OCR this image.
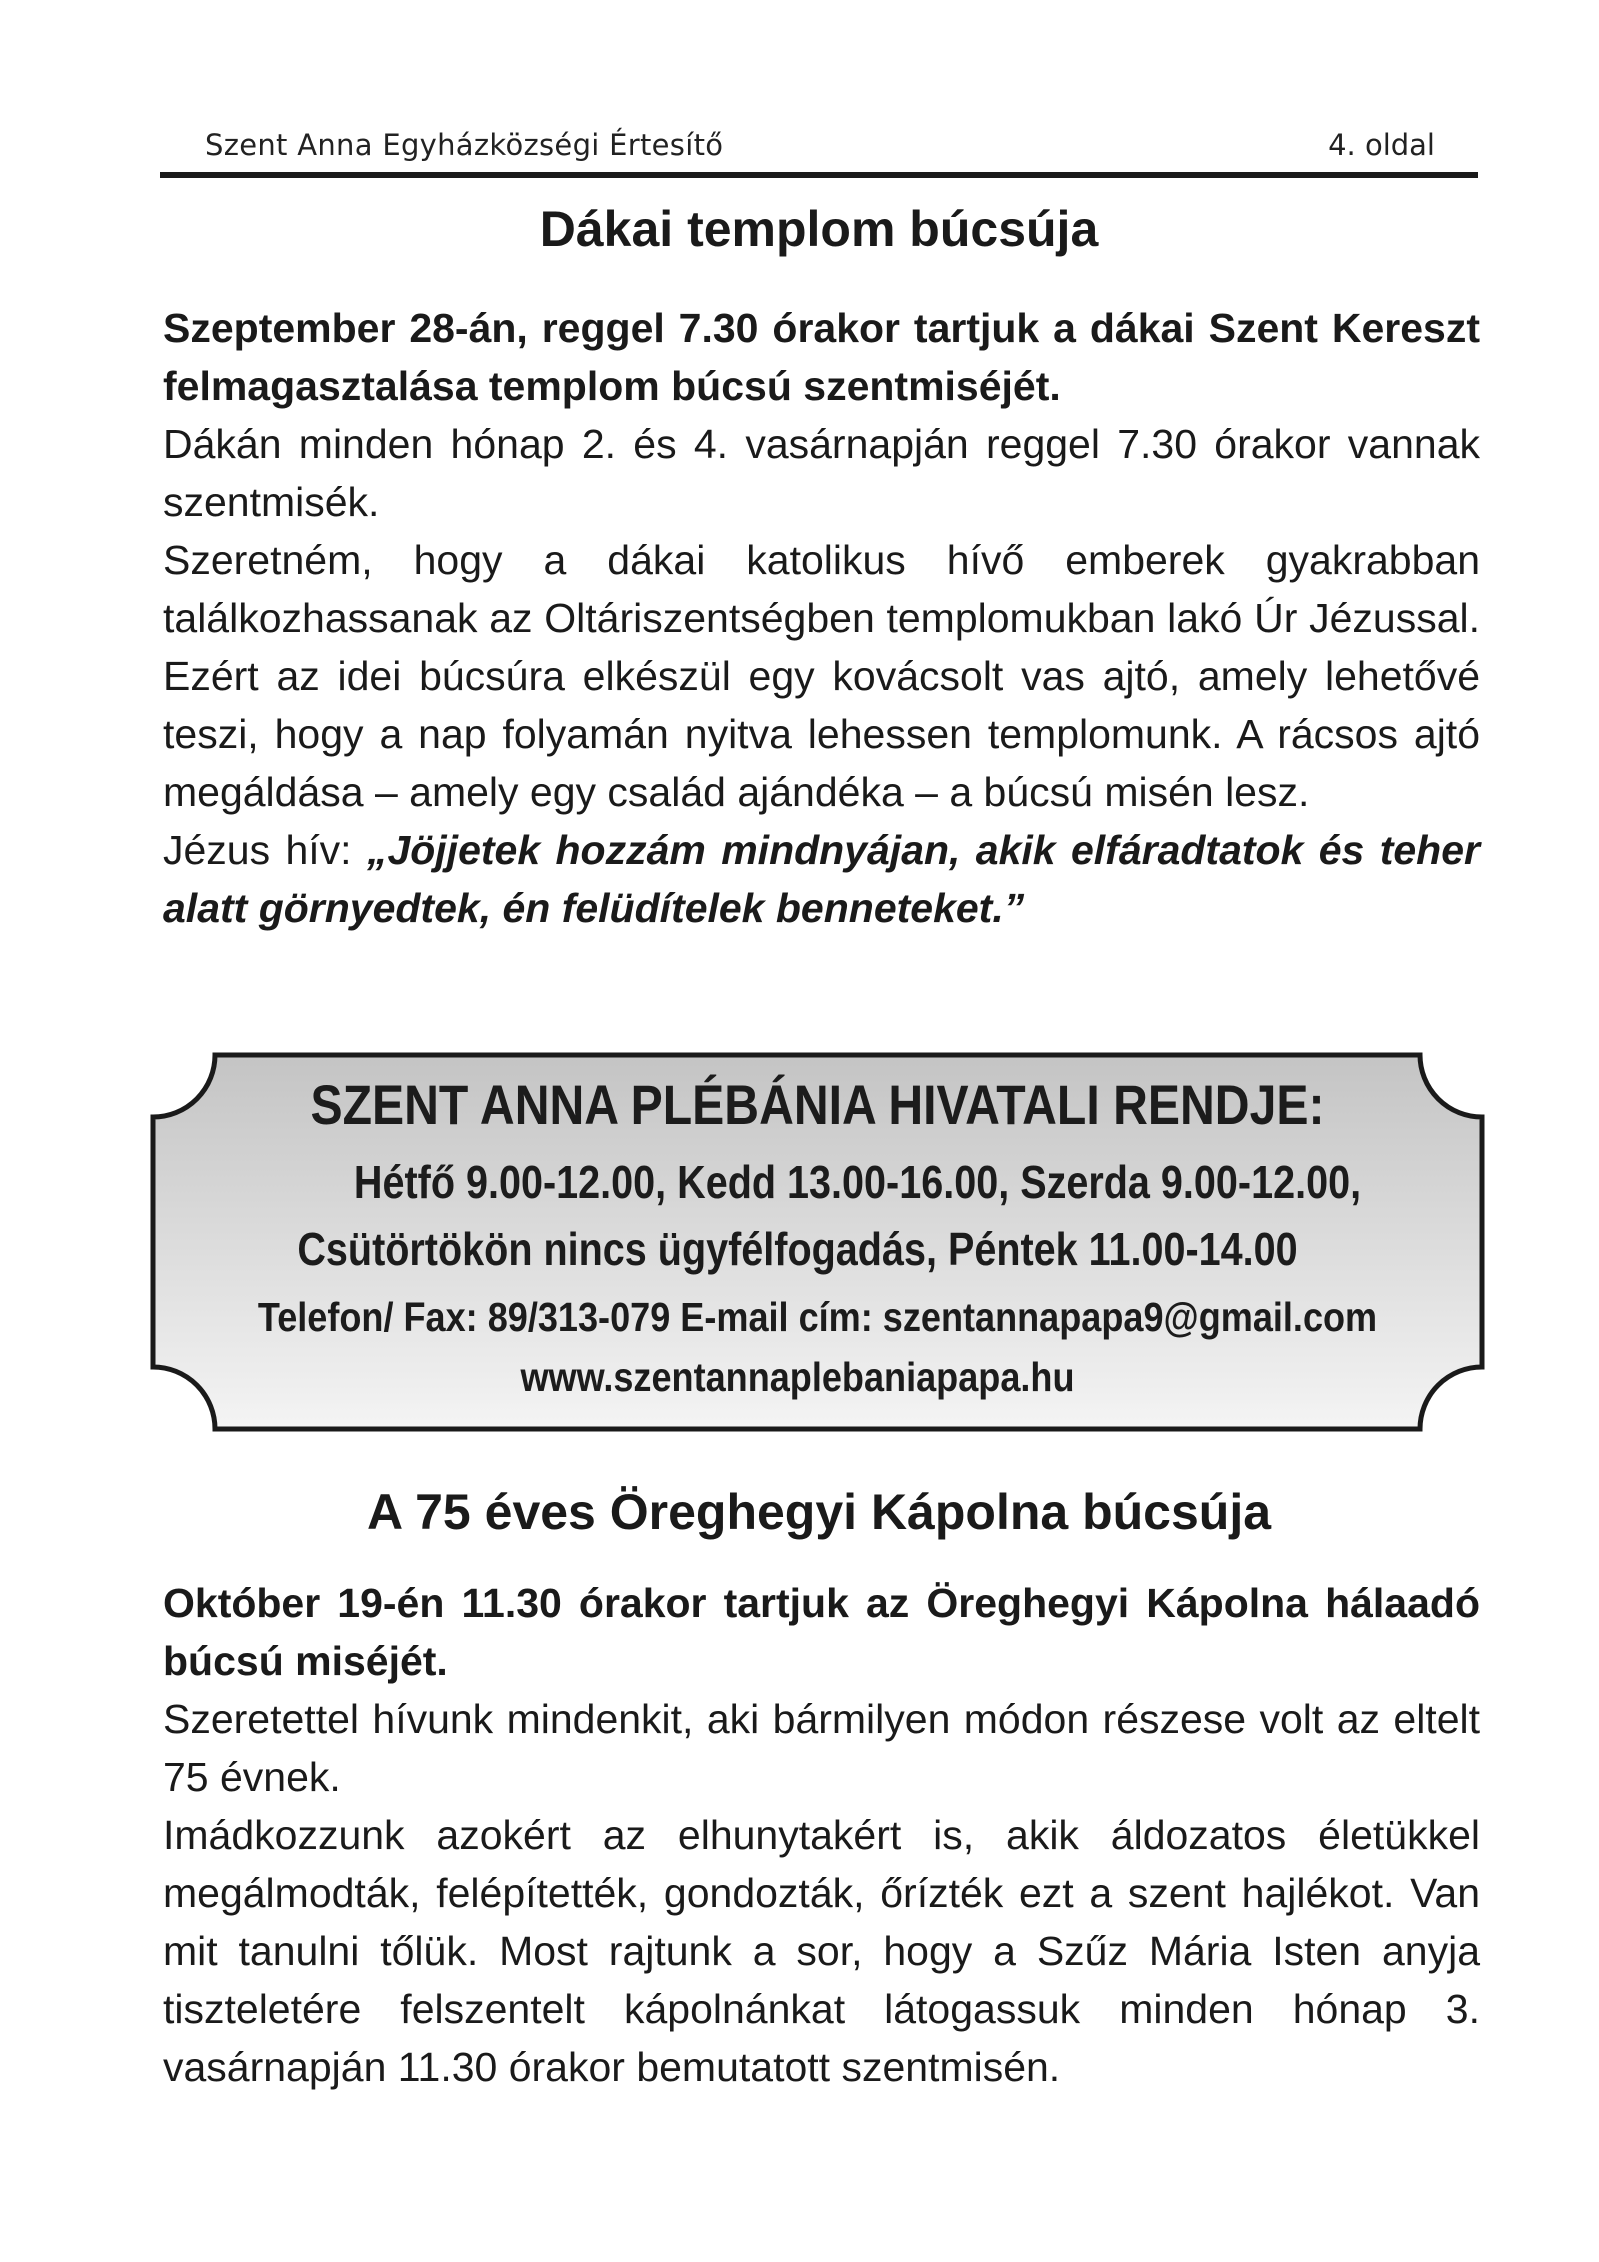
Szent Anna Egyházközségi Értesítő	4. oldal
Dákai templom búcsúja

Szeptember 28-án, reggel 7.30 órakor tartjuk a dákai Szent Kereszt felmagasztalása templom búcsú szentmiséjét.

Dákán minden hónap 2. és 4. vasárnapján reggel 7.30 órakor vannak szentmisék.

Szeretném, hogy a dákai katolikus hívő emberek gyakrabban találkozhassanak az Oltáriszentségben templomukban lakó Úr Jézussal. Ezért az idei búcsúra elkészül egy kovácsolt vas ajtó, amely lehetővé teszi, hogy a nap folyamán nyitva lehessen templomunk. A rácsos ajtó megáldása – amely egy család ajándéka – a búcsú misén lesz.

Jézus hív: „Jöjjetek hozzám mindnyájan, akik elfáradtatok és teher alatt görnyedtek, én felüdítelek benneteket.”

SZENT ANNA PLÉBÁNIA HIVATALI RENDJE:
Hétfő 9.00-12.00, Kedd 13.00-16.00, Szerda 9.00-12.00,
Csütörtökön nincs ügyfélfogadás, Péntek 11.00-14.00
Telefon/ Fax: 89/313-079 E-mail cím: szentannapapa9@gmail.com
www.szentannaplebaniapapa.hu
A 75 éves Öreghegyi Kápolna búcsúja

Október 19-én 11.30 órakor tartjuk az Öreghegyi Kápolna hálaadó búcsú miséjét.

Szeretettel hívunk mindenkit, aki bármilyen módon részese volt az eltelt 75 évnek.

Imádkozzunk azokért az elhunytakért is, akik áldozatos életükkel megálmodták, felépítették, gondozták, őrízték ezt a szent hajlékot. Van mit tanulni tőlük. Most rajtunk a sor, hogy a Szűz Mária Isten anyja tiszteletére felszentelt kápolnánkat látogassuk minden hónap 3. vasárnapján 11.30 órakor bemutatott szentmisén.
